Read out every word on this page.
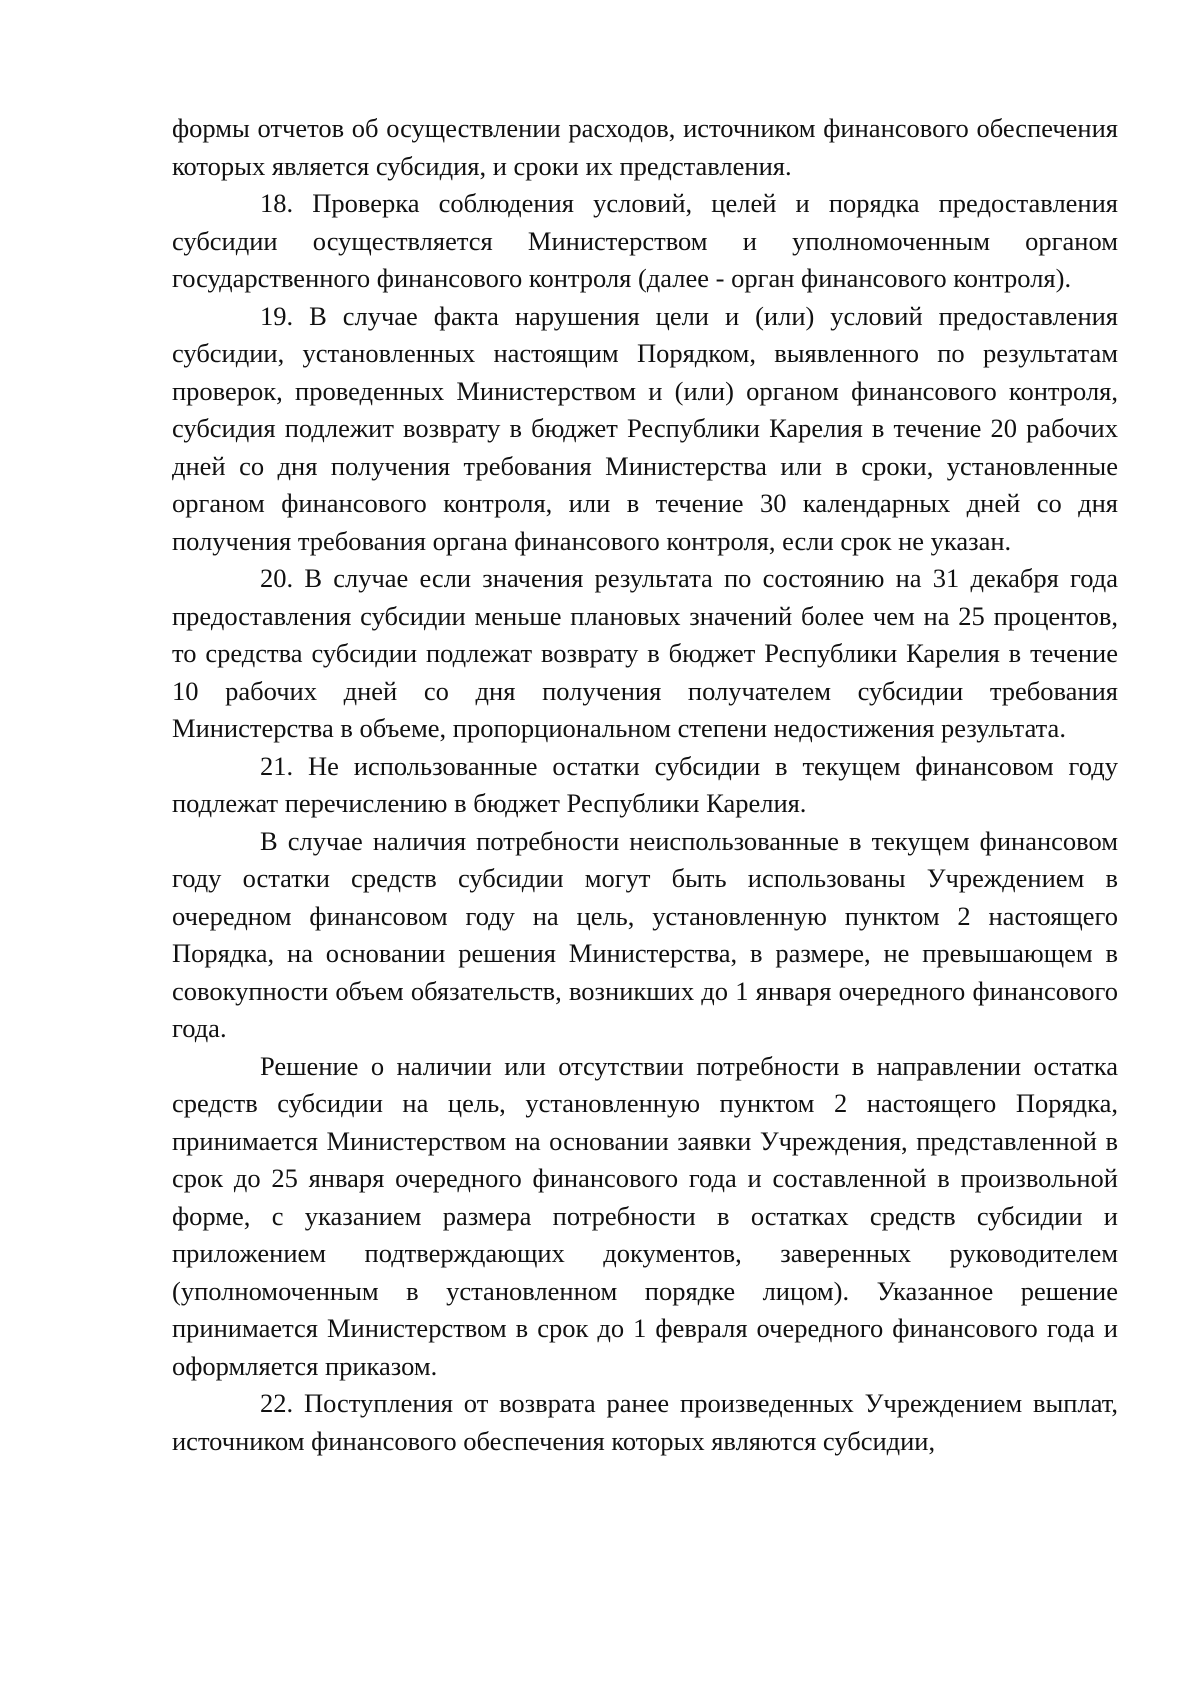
формы отчетов об осуществлении расходов, источником финансового обеспечения которых является субсидия, и сроки их представления.

18. Проверка соблюдения условий, целей и порядка предоставления субсидии осуществляется Министерством и уполномоченным органом государственного финансового контроля (далее - орган финансового контроля).

19. В случае факта нарушения цели и (или) условий предоставления субсидии, установленных настоящим Порядком, выявленного по результатам проверок, проведенных Министерством и (или) органом финансового контроля, субсидия подлежит возврату в бюджет Республики Карелия в течение 20 рабочих дней со дня получения требования Министерства или в сроки, установленные органом финансового контроля, или в течение 30 календарных дней со дня получения требования органа финансового контроля, если срок не указан.

20. В случае если значения результата по состоянию на 31 декабря года предоставления субсидии меньше плановых значений более чем на 25 процентов, то средства субсидии подлежат возврату в бюджет Республики Карелия в течение 10 рабочих дней со дня получения получателем субсидии требования Министерства в объеме, пропорциональном степени недостижения результата.

21. Не использованные остатки субсидии в текущем финансовом году подлежат перечислению в бюджет Республики Карелия.

В случае наличия потребности неиспользованные в текущем финансовом году остатки средств субсидии могут быть использованы Учреждением в очередном финансовом году на цель, установленную пунктом 2 настоящего Порядка, на основании решения Министерства, в размере, не превышающем в совокупности объем обязательств, возникших до 1 января очередного финансового года.

Решение о наличии или отсутствии потребности в направлении остатка средств субсидии на цель, установленную пунктом 2 настоящего Порядка, принимается Министерством на основании заявки Учреждения, представленной в срок до 25 января очередного финансового года и составленной в произвольной форме, с указанием размера потребности в остатках средств субсидии и приложением подтверждающих документов, заверенных руководителем (уполномоченным в установленном порядке лицом). Указанное решение принимается Министерством в срок до 1 февраля очередного финансового года и оформляется приказом.

22. Поступления от возврата ранее произведенных Учреждением выплат, источником финансового обеспечения которых являются субсидии,
